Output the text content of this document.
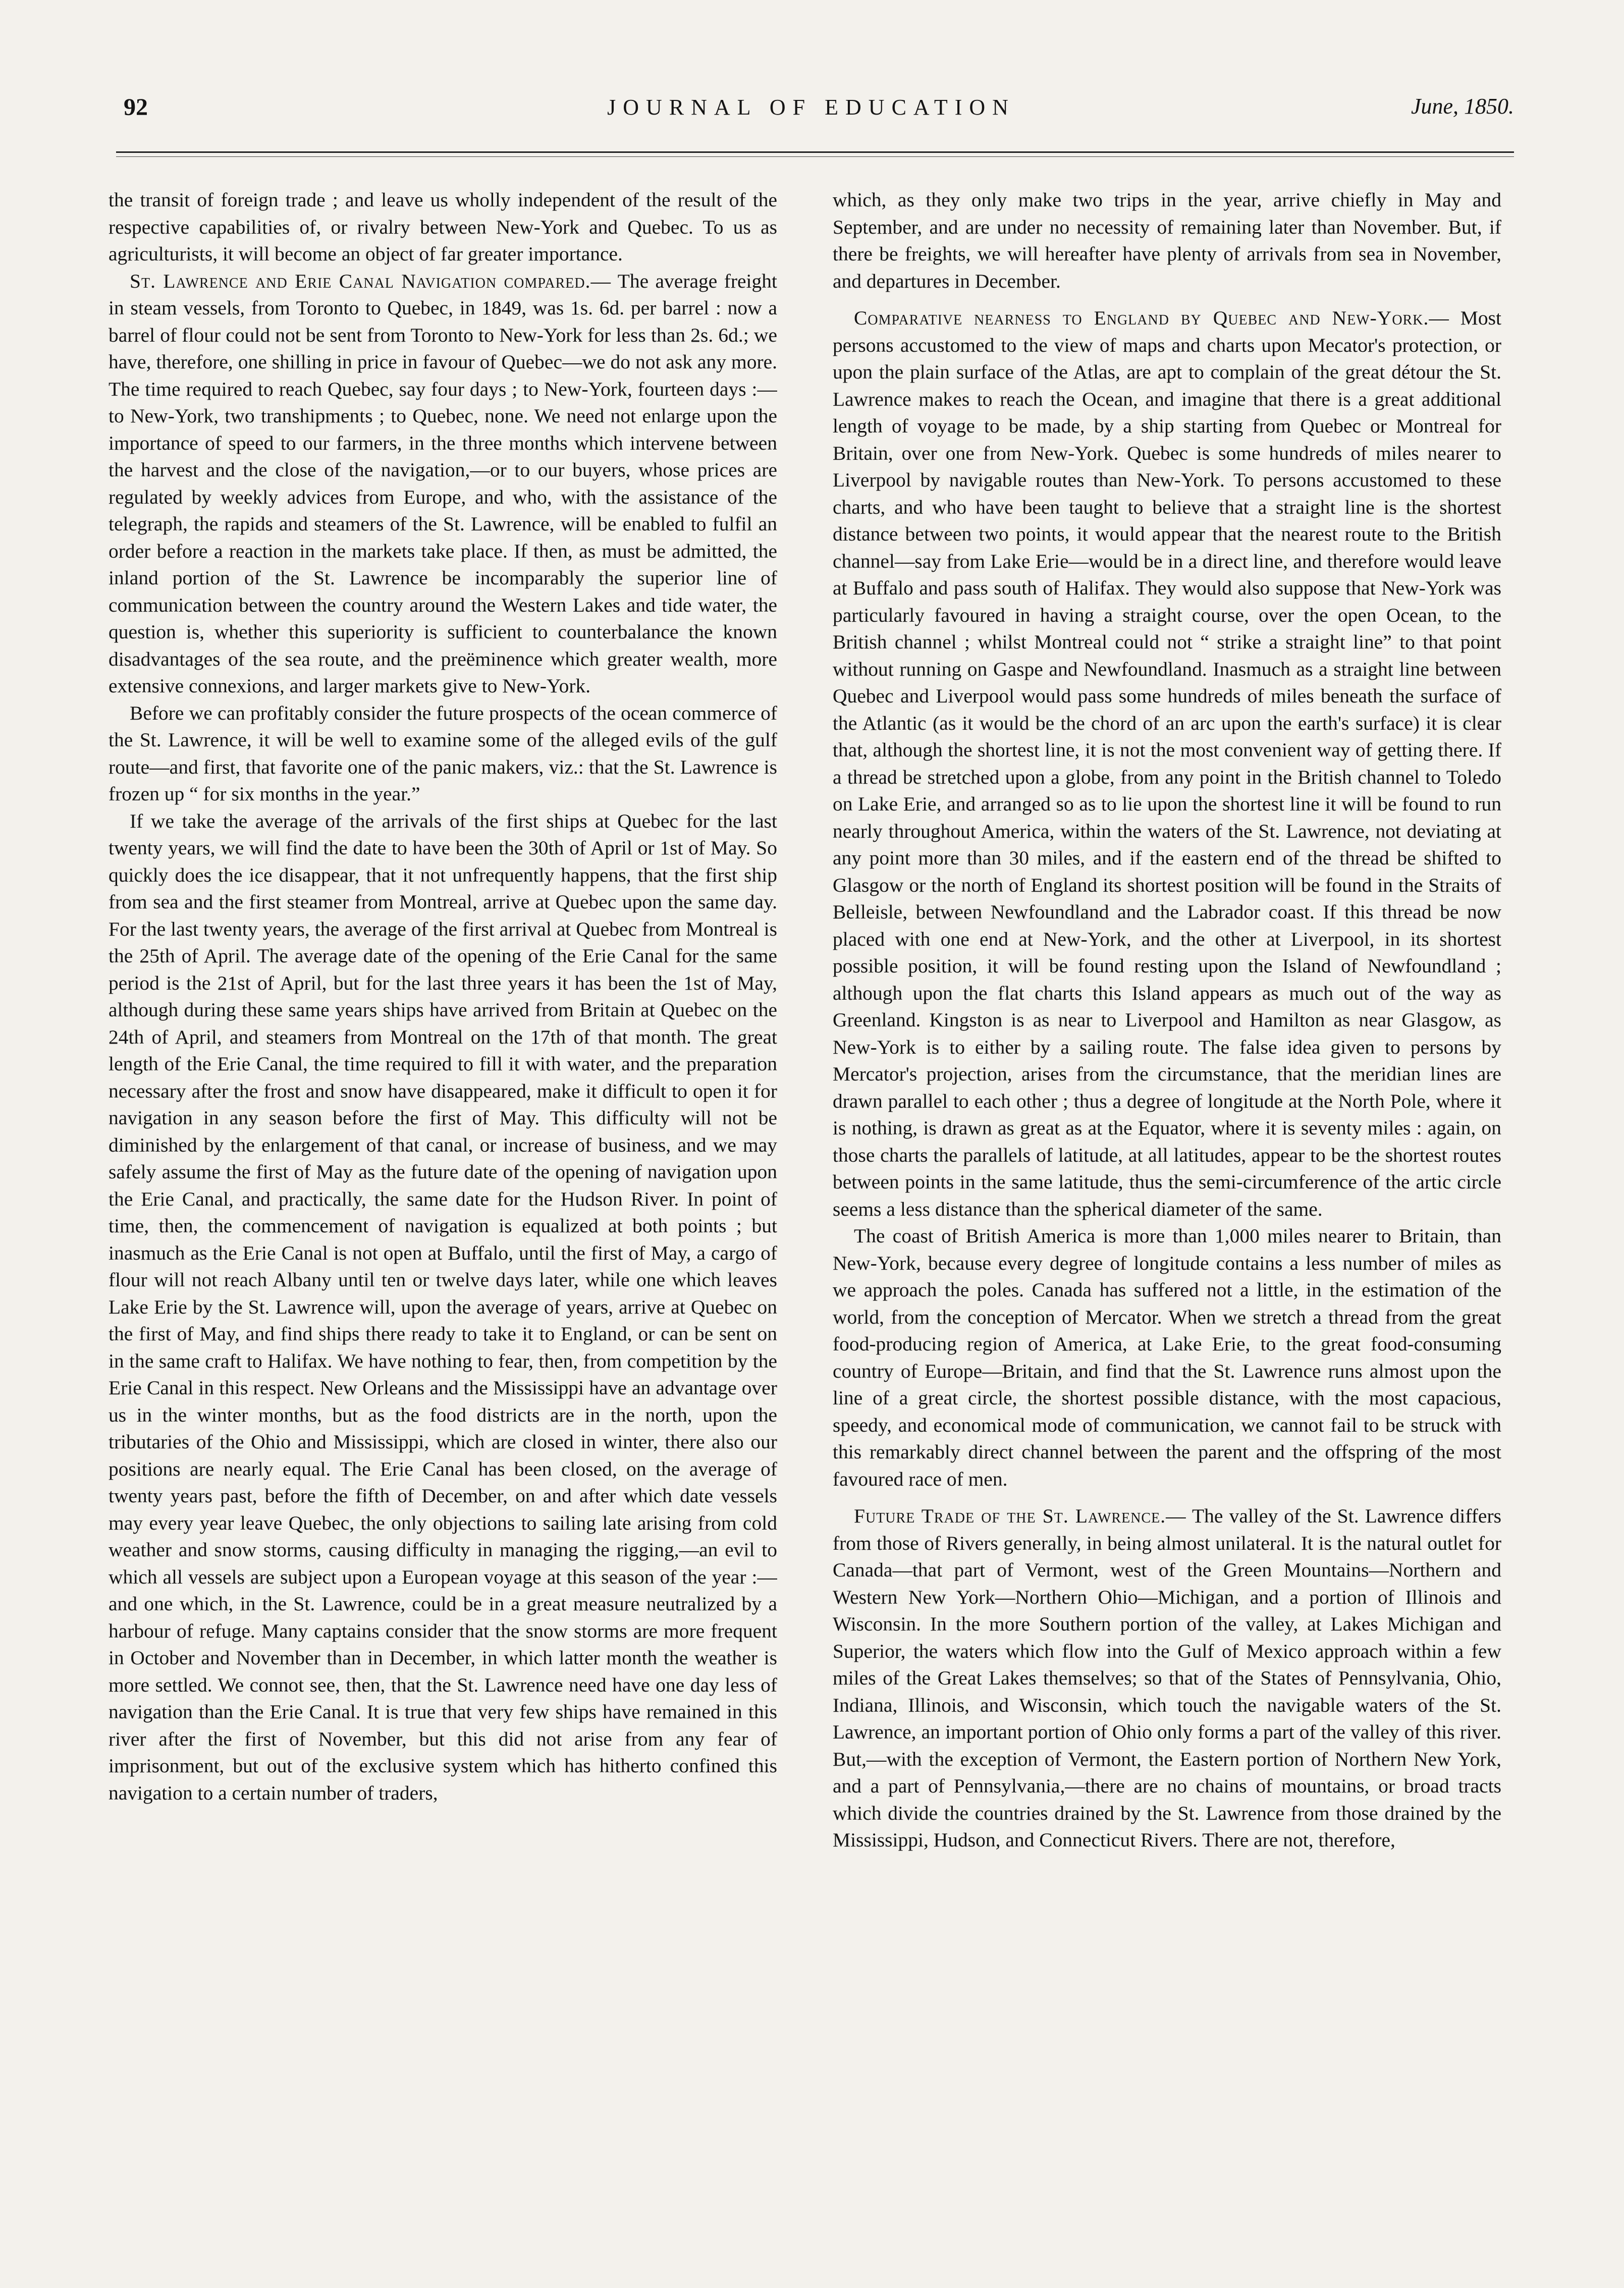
92	JOURNAL OF EDUCATION	June, 1850.

the transit of foreign trade ; and leave us wholly independent of the result of the respective capabilities of, or rivalry between New-York and Quebec. To us as agriculturists, it will become an object of far greater importance.

St. Lawrence and Erie Canal Navigation compared.— The average freight in steam vessels, from Toronto to Quebec, in 1849, was 1s. 6d. per barrel : now a barrel of flour could not be sent from Toronto to New-York for less than 2s. 6d.; we have, therefore, one shilling in price in favour of Quebec—we do not ask any more. The time required to reach Quebec, say four days ; to New-York, fourteen days :—to New-York, two transhipments ; to Quebec, none. We need not enlarge upon the importance of speed to our farmers, in the three months which intervene between the harvest and the close of the navigation,—or to our buyers, whose prices are regulated by weekly advices from Europe, and who, with the assistance of the telegraph, the rapids and steamers of the St. Lawrence, will be enabled to fulfil an order before a reaction in the markets take place. If then, as must be admitted, the inland portion of the St. Lawrence be incomparably the superior line of communication between the country around the Western Lakes and tide water, the question is, whether this superiority is sufficient to counterbalance the known disadvantages of the sea route, and the preëminence which greater wealth, more extensive connexions, and larger markets give to New-York.

Before we can profitably consider the future prospects of the ocean commerce of the St. Lawrence, it will be well to examine some of the alleged evils of the gulf route—and first, that favorite one of the panic makers, viz.: that the St. Lawrence is frozen up “ for six months in the year.”

If we take the average of the arrivals of the first ships at Quebec for the last twenty years, we will find the date to have been the 30th of April or 1st of May. So quickly does the ice disappear, that it not unfrequently happens, that the first ship from sea and the first steamer from Montreal, arrive at Quebec upon the same day. For the last twenty years, the average of the first arrival at Quebec from Montreal is the 25th of April. The average date of the opening of the Erie Canal for the same period is the 21st of April, but for the last three years it has been the 1st of May, although during these same years ships have arrived from Britain at Quebec on the 24th of April, and steamers from Montreal on the 17th of that month. The great length of the Erie Canal, the time required to fill it with water, and the preparation necessary after the frost and snow have disappeared, make it difficult to open it for navigation in any season before the first of May. This difficulty will not be diminished by the enlargement of that canal, or increase of business, and we may safely assume the first of May as the future date of the opening of navigation upon the Erie Canal, and practically, the same date for the Hudson River. In point of time, then, the commencement of navigation is equalized at both points ; but inasmuch as the Erie Canal is not open at Buffalo, until the first of May, a cargo of flour will not reach Albany until ten or twelve days later, while one which leaves Lake Erie by the St. Lawrence will, upon the average of years, arrive at Quebec on the first of May, and find ships there ready to take it to England, or can be sent on in the same craft to Halifax. We have nothing to fear, then, from competition by the Erie Canal in this respect. New Orleans and the Mississippi have an advantage over us in the winter months, but as the food districts are in the north, upon the tributaries of the Ohio and Mississippi, which are closed in winter, there also our positions are nearly equal. The Erie Canal has been closed, on the average of twenty years past, before the fifth of December, on and after which date vessels may every year leave Quebec, the only objections to sailing late arising from cold weather and snow storms, causing difficulty in managing the rigging,—an evil to which all vessels are subject upon a European voyage at this season of the year :—and one which, in the St. Lawrence, could be in a great measure neutralized by a harbour of refuge. Many captains consider that the snow storms are more frequent in October and November than in December, in which latter month the weather is more settled. We connot see, then, that the St. Lawrence need have one day less of navigation than the Erie Canal. It is true that very few ships have remained in this river after the first of November, but this did not arise from any fear of imprisonment, but out of the exclusive system which has hitherto confined this navigation to a certain number of traders,

which, as they only make two trips in the year, arrive chiefly in May and September, and are under no necessity of remaining later than November. But, if there be freights, we will hereafter have plenty of arrivals from sea in November, and departures in December.

Comparative nearness to England by Quebec and New-York.— Most persons accustomed to the view of maps and charts upon Mecator's protection, or upon the plain surface of the Atlas, are apt to complain of the great détour the St. Lawrence makes to reach the Ocean, and imagine that there is a great additional length of voyage to be made, by a ship starting from Quebec or Montreal for Britain, over one from New-York. Quebec is some hundreds of miles nearer to Liverpool by navigable routes than New-York. To persons accustomed to these charts, and who have been taught to believe that a straight line is the shortest distance between two points, it would appear that the nearest route to the British channel—say from Lake Erie—would be in a direct line, and therefore would leave at Buffalo and pass south of Halifax. They would also suppose that New-York was particularly favoured in having a straight course, over the open Ocean, to the British channel ; whilst Montreal could not “ strike a straight line” to that point without running on Gaspe and Newfoundland. Inasmuch as a straight line between Quebec and Liverpool would pass some hundreds of miles beneath the surface of the Atlantic (as it would be the chord of an arc upon the earth's surface) it is clear that, although the shortest line, it is not the most convenient way of getting there. If a thread be stretched upon a globe, from any point in the British channel to Toledo on Lake Erie, and arranged so as to lie upon the shortest line it will be found to run nearly throughout America, within the waters of the St. Lawrence, not deviating at any point more than 30 miles, and if the eastern end of the thread be shifted to Glasgow or the north of England its shortest position will be found in the Straits of Belleisle, between Newfoundland and the Labrador coast. If this thread be now placed with one end at New-York, and the other at Liverpool, in its shortest possible position, it will be found resting upon the Island of Newfoundland ; although upon the flat charts this Island appears as much out of the way as Greenland. Kingston is as near to Liverpool and Hamilton as near Glasgow, as New-York is to either by a sailing route. The false idea given to persons by Mercator's projection, arises from the circumstance, that the meridian lines are drawn parallel to each other ; thus a degree of longitude at the North Pole, where it is nothing, is drawn as great as at the Equator, where it is seventy miles : again, on those charts the parallels of latitude, at all latitudes, appear to be the shortest routes between points in the same latitude, thus the semi-circumference of the artic circle seems a less distance than the spherical diameter of the same.

The coast of British America is more than 1,000 miles nearer to Britain, than New-York, because every degree of longitude contains a less number of miles as we approach the poles. Canada has suffered not a little, in the estimation of the world, from the conception of Mercator. When we stretch a thread from the great food-producing region of America, at Lake Erie, to the great food-consuming country of Europe—Britain, and find that the St. Lawrence runs almost upon the line of a great circle, the shortest possible distance, with the most capacious, speedy, and economical mode of communication, we cannot fail to be struck with this remarkably direct channel between the parent and the offspring of the most favoured race of men.

Future Trade of the St. Lawrence.— The valley of the St. Lawrence differs from those of Rivers generally, in being almost unilateral. It is the natural outlet for Canada—that part of Vermont, west of the Green Mountains—Northern and Western New York—Northern Ohio—Michigan, and a portion of Illinois and Wisconsin. In the more Southern portion of the valley, at Lakes Michigan and Superior, the waters which flow into the Gulf of Mexico approach within a few miles of the Great Lakes themselves; so that of the States of Pennsylvania, Ohio, Indiana, Illinois, and Wisconsin, which touch the navigable waters of the St. Lawrence, an important portion of Ohio only forms a part of the valley of this river. But,—with the exception of Vermont, the Eastern portion of Northern New York, and a part of Pennsylvania,—there are no chains of mountains, or broad tracts which divide the countries drained by the St. Lawrence from those drained by the Mississippi, Hudson, and Connecticut Rivers. There are not, therefore,
